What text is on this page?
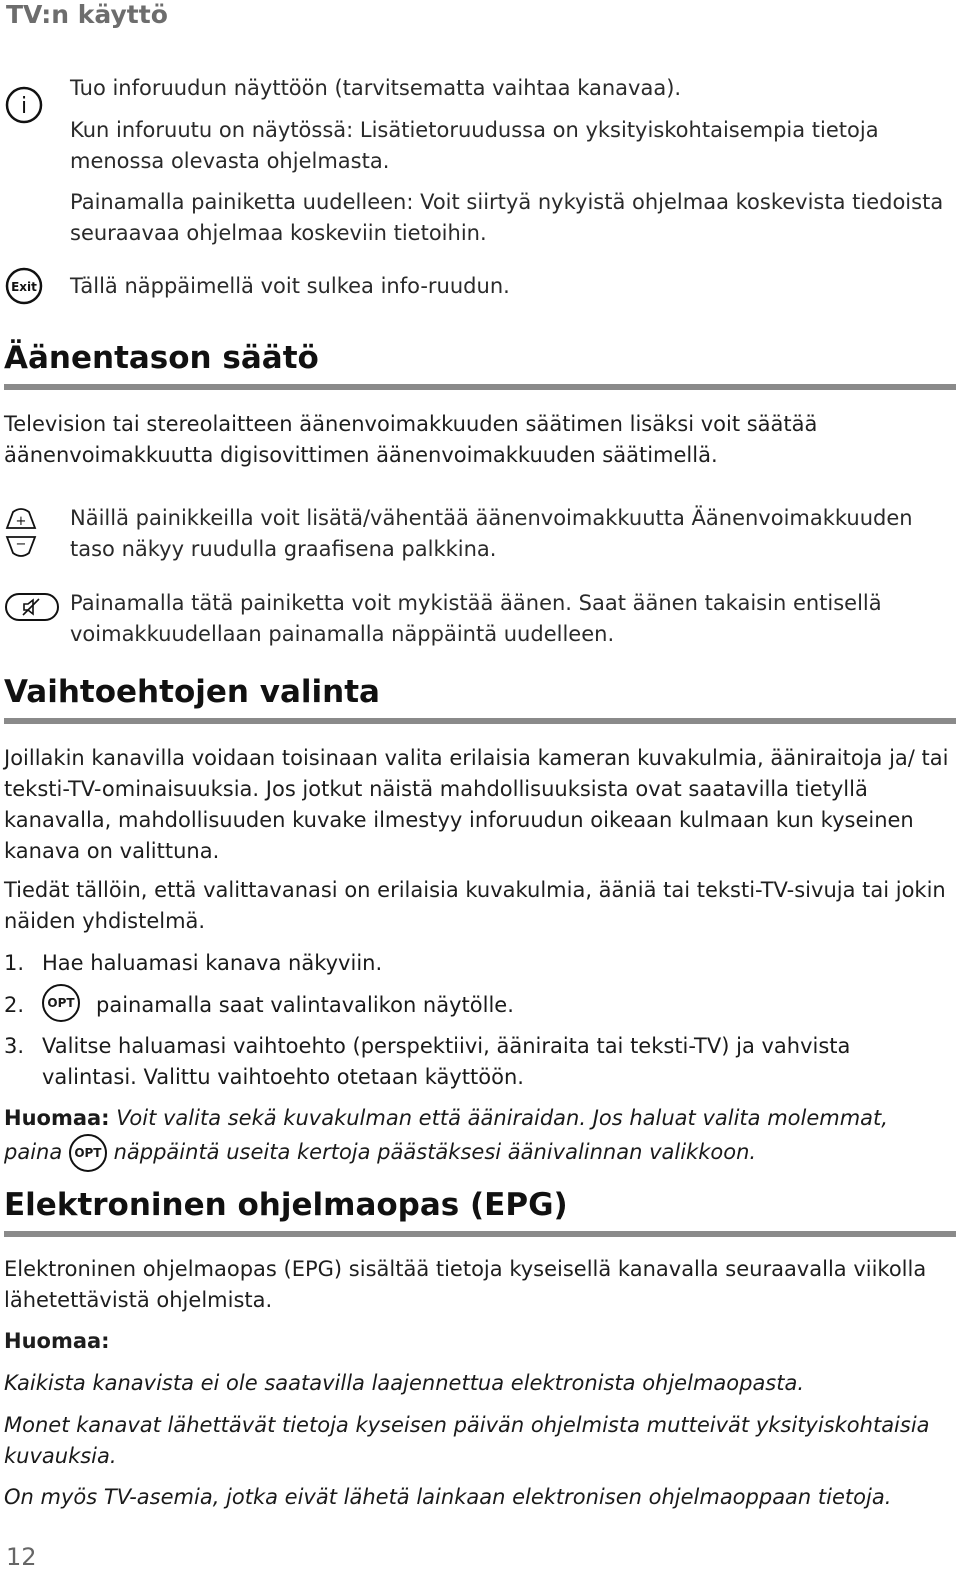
TV:n käyttö
i
Tuo inforuudun näyttöön (tarvitsematta vaihtaa kanavaa).
Kun inforuutu on näytössä: Lisätietoruudussa on yksityiskohtaisempia tietoja menossa olevasta ohjelmasta.
Painamalla painiketta uudelleen: Voit siirtyä nykyistä ohjelmaa koskevista tiedoista seuraavaa ohjelmaa koskeviin tietoihin.
Exit Tällä näppäimellä voit sulkea info-ruudun.
Äänentason säätö
Television tai stereolaitteen äänenvoimakkuuden säätimen lisäksi voit säätää äänenvoimakkuutta digisovittimen äänenvoimakkuuden säätimellä.
+
−
Näillä painikkeilla voit lisätä/vähentää äänenvoimakkuutta Äänenvoimakkuuden taso näkyy ruudulla graafisena palkkina.
Painamalla tätä painiketta voit mykistää äänen. Saat äänen takaisin entisellä voimakkuudellaan painamalla näppäintä uudelleen.
Vaihtoehtojen valinta
Joillakin kanavilla voidaan toisinaan valita erilaisia kameran kuvakulmia, ääniraitoja ja/ tai teksti-TV-ominaisuuksia. Jos jotkut näistä mahdollisuuksista ovat saatavilla tietyllä kanavalla, mahdollisuuden kuvake ilmestyy inforuudun oikeaan kulmaan kun kyseinen kanava on valittuna.
Tiedät tällöin, että valittavanasi on erilaisia kuvakulmia, ääniä tai teksti-TV-sivuja tai jokin näiden yhdistelmä.
1. Hae haluamasi kanava näkyviin.
2.	OPT painamalla saat valintavalikon näytölle.
3. Valitse haluamasi vaihtoehto (perspektiivi, ääniraita tai teksti-TV) ja vahvista valintasi. Valittu vaihtoehto otetaan käyttöön.
Huomaa: Voit valita sekä kuvakulman että ääniraidan. Jos haluat valita molemmat, paina OPT näppäintä useita kertoja päästäksesi äänivalinnan valikkoon.
Elektroninen ohjelmaopas (EPG)
Elektroninen ohjelmaopas (EPG) sisältää tietoja kyseisellä kanavalla seuraavalla viikolla lähetettävistä ohjelmista.
Huomaa:
Kaikista kanavista ei ole saatavilla laajennettua elektronista ohjelmaopasta.
Monet kanavat lähettävät tietoja kyseisen päivän ohjelmista mutteivät yksityiskohtaisia kuvauksia.
On myös TV-asemia, jotka eivät lähetä lainkaan elektronisen ohjelmaoppaan tietoja.
12
